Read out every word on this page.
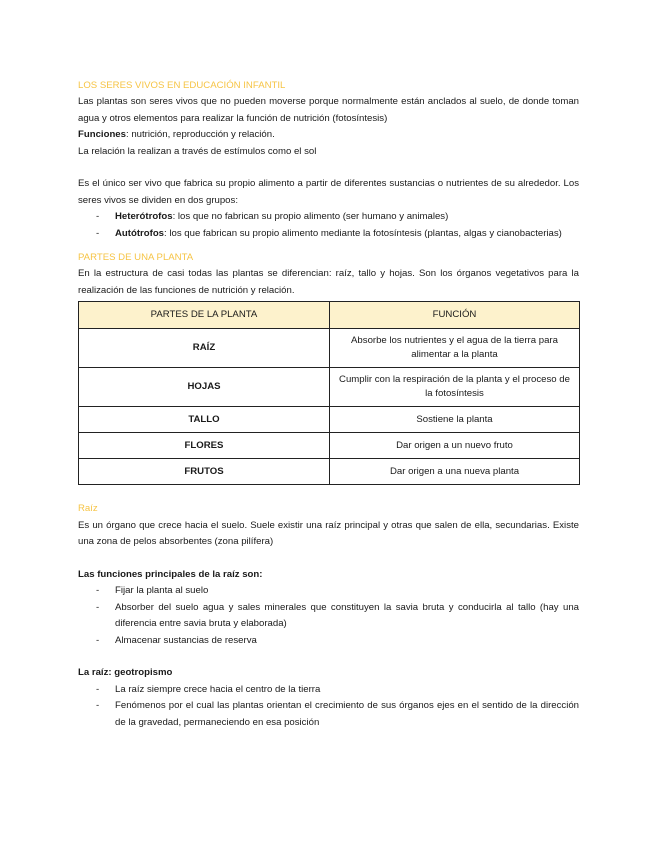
LOS SERES VIVOS EN EDUCACIÓN INFANTIL
Las plantas son seres vivos que no pueden moverse porque normalmente están anclados al suelo, de donde toman agua y otros elementos para realizar la función de nutrición (fotosíntesis)
Funciones: nutrición, reproducción y relación.
La relación la realizan a través de estímulos como el sol
Es el único ser vivo que fabrica su propio alimento a partir de diferentes sustancias o nutrientes de su alrededor. Los seres vivos se dividen en dos grupos:
- Heterótrofos: los que no fabrican su propio alimento (ser humano y animales)
- Autótrofos: los que fabrican su propio alimento mediante la fotosíntesis (plantas, algas y cianobacterias)
PARTES DE UNA PLANTA
En la estructura de casi todas las plantas se diferencian: raíz, tallo y hojas. Son los órganos vegetativos para la realización de las funciones de nutrición y relación.
PARTES DE LA PLANTA	FUNCIÓN
RAÍZ	Absorbe los nutrientes y el agua de la tierra para alimentar a la planta
HOJAS	Cumplir con la respiración de la planta y el proceso de la fotosíntesis
TALLO	Sostiene la planta
FLORES	Dar origen a un nuevo fruto
FRUTOS	Dar origen a una nueva planta
Raíz
Es un órgano que crece hacia el suelo. Suele existir una raíz principal y otras que salen de ella, secundarias. Existe una zona de pelos absorbentes (zona pilífera)
Las funciones principales de la raíz son:
- Fijar la planta al suelo
- Absorber del suelo agua y sales minerales que constituyen la savia bruta y conducirla al tallo (hay una diferencia entre savia bruta y elaborada)
- Almacenar sustancias de reserva
La raíz: geotropismo
- La raíz siempre crece hacia el centro de la tierra
- Fenómenos por el cual las plantas orientan el crecimiento de sus órganos ejes en el sentido de la dirección de la gravedad, permaneciendo en esa posición
